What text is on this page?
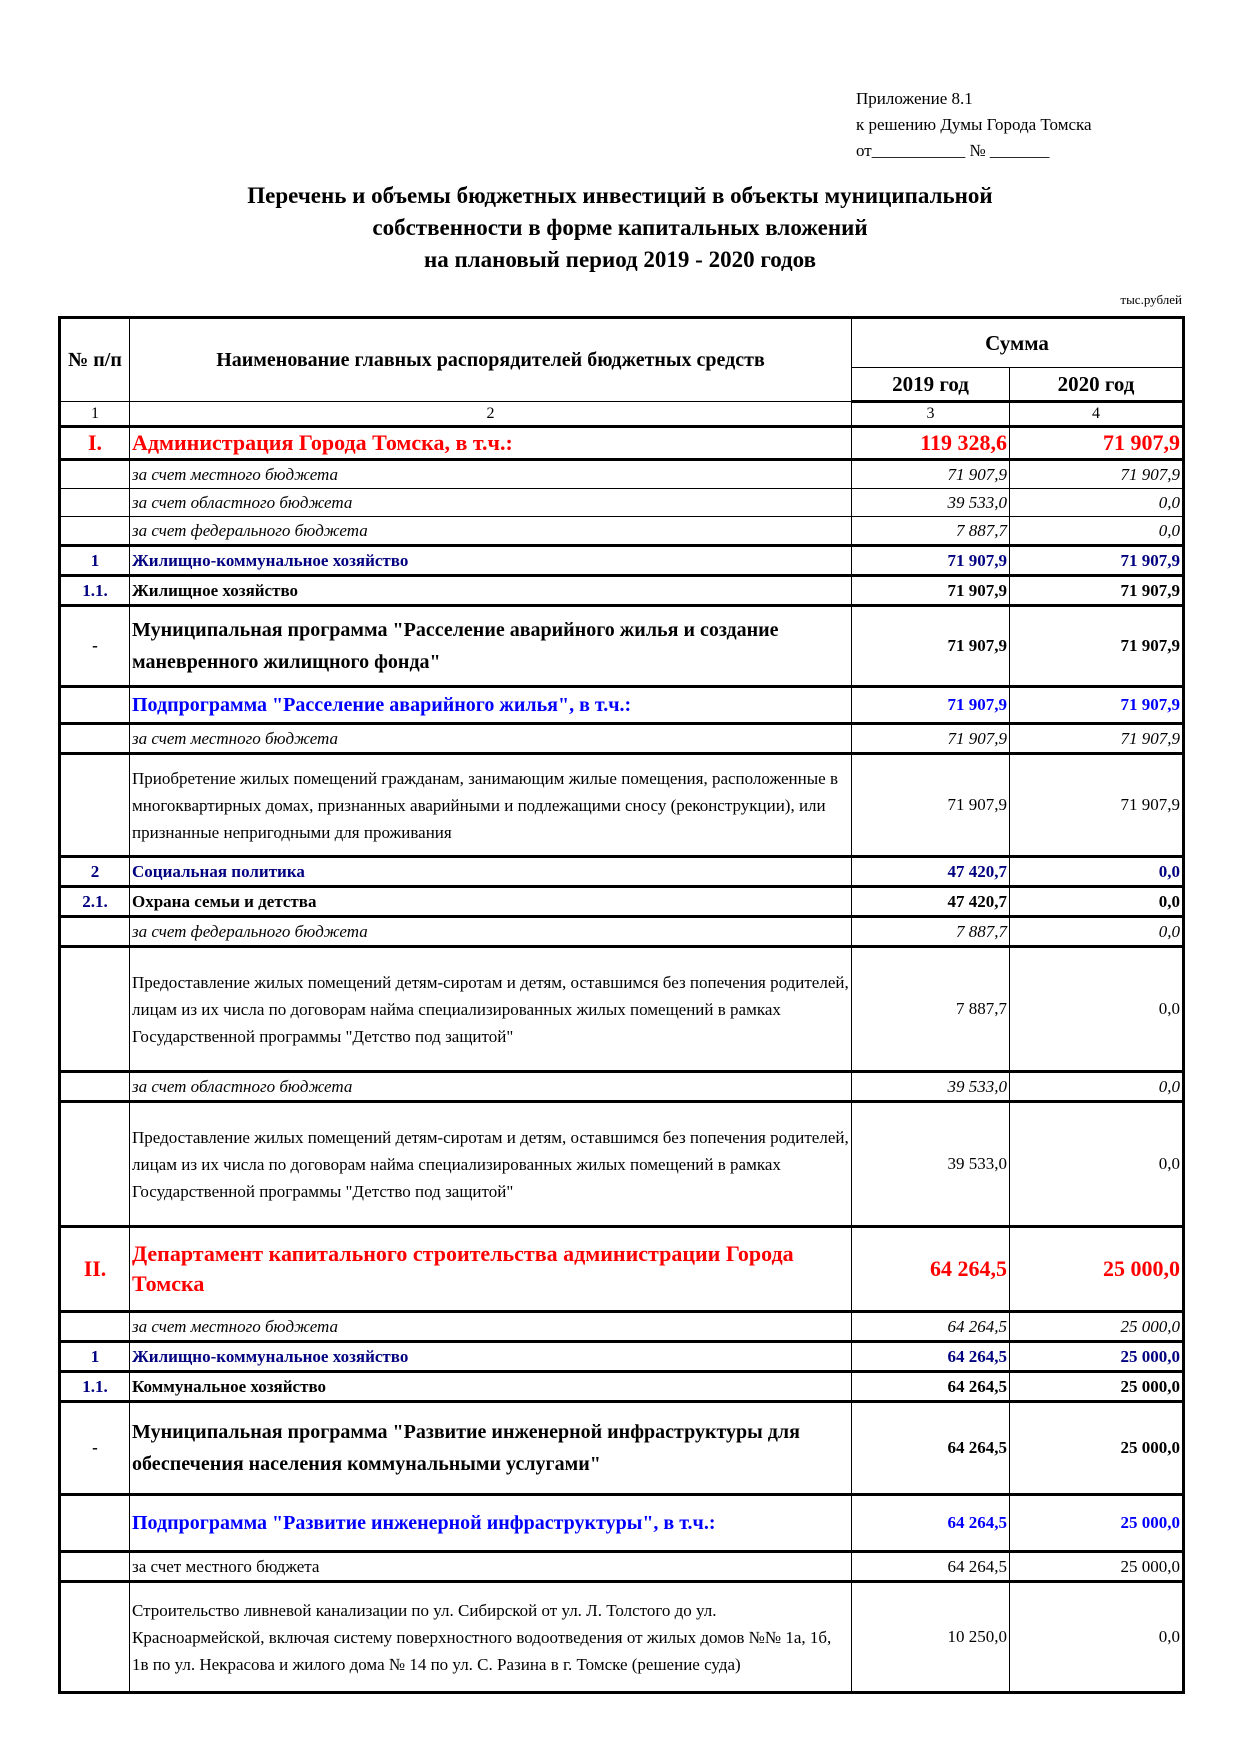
Приложение 8.1
к решению Думы Города Томска
от___________ № _______
Перечень и объемы бюджетных инвестиций в объекты муниципальной
собственности в форме капитальных вложений
на плановый период 2019 - 2020 годов
тыс.рублей
№ п/п	Наименование главных распорядителей бюджетных средств	Сумма	
		2019 год	2020 год
1	2	3	4
I.	Администрация Города Томска, в т.ч.:	119 328,6	71 907,9
	за счет местного бюджета	71 907,9	71 907,9
	за счет областного бюджета	39 533,0	0,0
	за счет федерального бюджета	7 887,7	0,0
1	Жилищно-коммунальное хозяйство	71 907,9	71 907,9
1.1.	Жилищное хозяйство	71 907,9	71 907,9
-	Муниципальная программа "Расселение аварийного жилья и создание маневренного жилищного фонда"	71 907,9	71 907,9
	Подпрограмма "Расселение аварийного жилья", в т.ч.:	71 907,9	71 907,9
	за счет местного бюджета	71 907,9	71 907,9
	Приобретение жилых помещений гражданам, занимающим жилые помещения, расположенные в многоквартирных домах, признанных аварийными и подлежащими сносу (реконструкции), или признанные непригодными для проживания	71 907,9	71 907,9
2	Социальная политика	47 420,7	0,0
2.1.	Охрана семьи и детства	47 420,7	0,0
	за счет федерального бюджета	7 887,7	0,0
	Предоставление жилых помещений детям-сиротам и детям, оставшимся без попечения родителей, лицам из их числа по договорам найма специализированных жилых помещений в рамках Государственной программы "Детство под защитой"	7 887,7	0,0
	за счет областного бюджета	39 533,0	0,0
	Предоставление жилых помещений детям-сиротам и детям, оставшимся без попечения родителей, лицам из их числа по договорам найма специализированных жилых помещений в рамках Государственной программы "Детство под защитой"	39 533,0	0,0
II.	Департамент капитального строительства администрации Города Томска	64 264,5	25 000,0
	за счет местного бюджета	64 264,5	25 000,0
1	Жилищно-коммунальное хозяйство	64 264,5	25 000,0
1.1.	Коммунальное хозяйство	64 264,5	25 000,0
-	Муниципальная программа "Развитие инженерной инфраструктуры для обеспечения населения коммунальными услугами"	64 264,5	25 000,0
	Подпрограмма "Развитие инженерной инфраструктуры", в т.ч.:	64 264,5	25 000,0
	за счет местного бюджета	64 264,5	25 000,0
	Строительство ливневой канализации по ул. Сибирской от ул. Л. Толстого до ул. Красноармейской, включая систему поверхностного водоотведения от жилых домов №№ 1а, 1б, 1в по ул. Некрасова и жилого дома № 14 по ул. С. Разина в г. Томске (решение суда)	10 250,0	0,0
